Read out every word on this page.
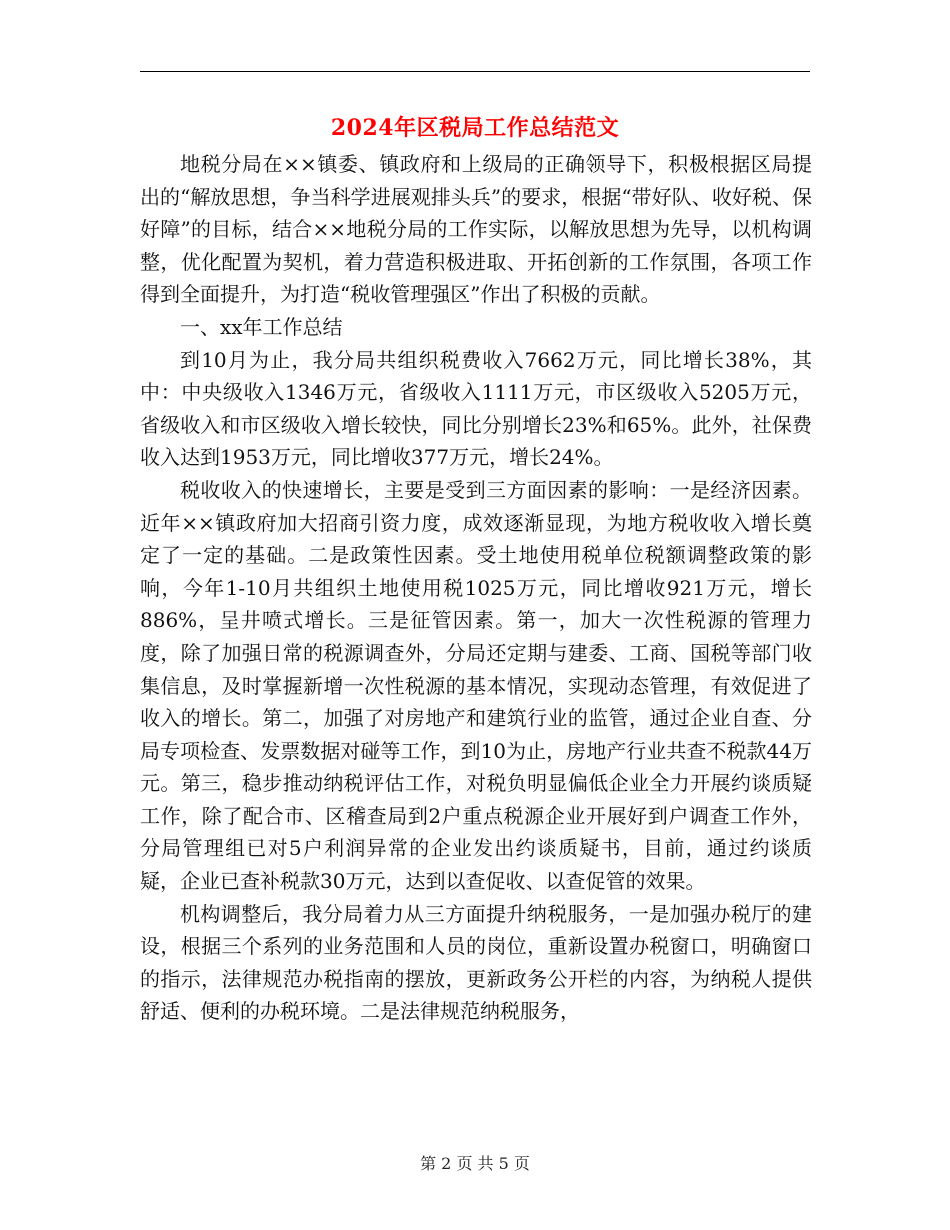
2024年区税局工作总结范文

地税分局在××镇委、镇政府和上级局的正确领导下，积极根据区局提出的“解放思想，争当科学进展观排头兵”的要求，根据“带好队、收好税、保好障”的目标，结合××地税分局的工作实际，以解放思想为先导，以机构调整，优化配置为契机，着力营造积极进取、开拓创新的工作氛围，各项工作得到全面提升，为打造“税收管理强区”作出了积极的贡献。

一、xx年工作总结

到10月为止，我分局共组织税费收入7662万元，同比增长38%，其中：中央级收入1346万元，省级收入1111万元，市区级收入5205万元，省级收入和市区级收入增长较快，同比分别增长23%和65%。此外，社保费收入达到1953万元，同比增收377万元，增长24%。

税收收入的快速增长，主要是受到三方面因素的影响：一是经济因素。近年××镇政府加大招商引资力度，成效逐渐显现，为地方税收收入增长奠定了一定的基础。二是政策性因素。受土地使用税单位税额调整政策的影响，今年1-10月共组织土地使用税1025万元，同比增收921万元，增长886%，呈井喷式增长。三是征管因素。第一，加大一次性税源的管理力度，除了加强日常的税源调查外，分局还定期与建委、工商、国税等部门收集信息，及时掌握新增一次性税源的基本情况，实现动态管理，有效促进了收入的增长。第二，加强了对房地产和建筑行业的监管，通过企业自查、分局专项检查、发票数据对碰等工作，到10为止，房地产行业共查不税款44万元。第三，稳步推动纳税评估工作，对税负明显偏低企业全力开展约谈质疑工作，除了配合市、区稽查局到2户重点税源企业开展好到户调查工作外，分局管理组已对5户利润异常的企业发出约谈质疑书，目前，通过约谈质疑，企业已查补税款30万元，达到以查促收、以查促管的效果。

机构调整后，我分局着力从三方面提升纳税服务，一是加强办税厅的建设，根据三个系列的业务范围和人员的岗位，重新设置办税窗口，明确窗口的指示，法律规范办税指南的摆放，更新政务公开栏的内容，为纳税人提供舒适、便利的办税环境。二是法律规范纳税服务，

第 2 页 共 5 页
